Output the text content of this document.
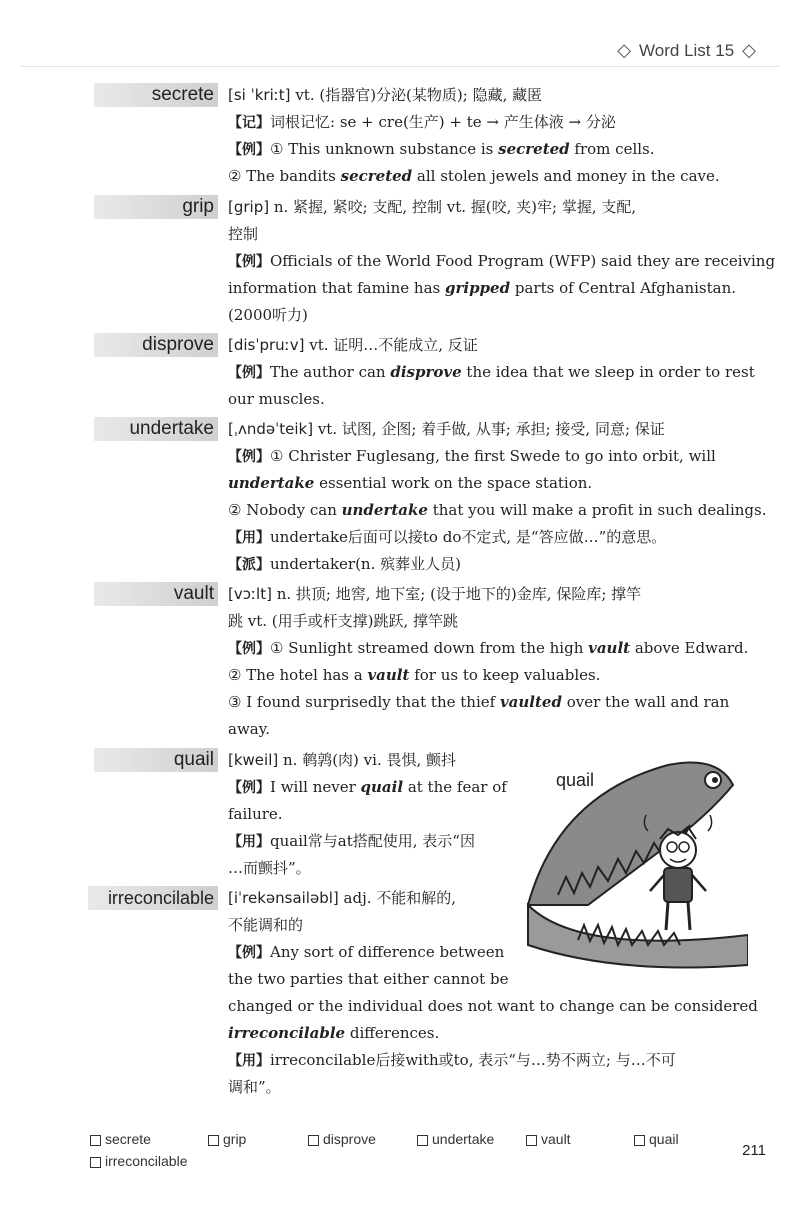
◇ Word List 15 ◇
secrete [si ˈkriːt] vt. (指器官)分泌(某物质); 隐藏, 藏匿
【记】词根记忆: se + cre(生产) + te → 产生体液 → 分泌
【例】① This unknown substance is secreted from cells.
② The bandits secreted all stolen jewels and money in the cave.
grip [grip] n. 紧握, 紧咬; 支配, 控制 vt. 握(咬, 夹)牢; 掌握, 支配,
控制
【例】Officials of the World Food Program (WFP) said they are receiving
information that famine has gripped parts of Central Afghanistan.
(2000听力)
disprove [disˈpruːv] vt. 证明…不能成立, 反证
【例】The author can disprove the idea that we sleep in order to rest
our muscles.
undertake [ˌʌndəˈteik] vt. 试图, 企图; 着手做, 从事; 承担; 接受, 同意; 保证
【例】① Christer Fuglesang, the first Swede to go into orbit, will
undertake essential work on the space station.
② Nobody can undertake that you will make a profit in such dealings.
【用】undertake后面可以接to do不定式, 是“答应做…”的意思。
【派】undertaker(n. 殡葬业人员)
vault [vɔːlt] n. 拱顶; 地窖, 地下室; (设于地下的)金库, 保险库; 撑竿
跳 vt. (用手或杆支撑)跳跃, 撑竿跳
【例】① Sunlight streamed down from the high vault above Edward.
② The hotel has a vault for us to keep valuables.
③ I found surprisedly that the thief vaulted over the wall and ran
away.
quail [kweil] n. 鹌鹑(肉) vi. 畏惧, 颤抖
【例】I will never quail at the fear of
failure.
【用】quail常与at搭配使用, 表示“因
…而颤抖”。
irreconcilable [iˈrekənsailəbl] adj. 不能和解的,
不能调和的
【例】Any sort of difference between
the two parties that either cannot be
changed or the individual does not want to change can be considered
irreconcilable differences.
【用】irreconcilable后接with或to, 表示“与…势不两立; 与…不可
调和”。
quail
secrete	grip	disprove	undertake	vault	quail
irreconcilable
211
